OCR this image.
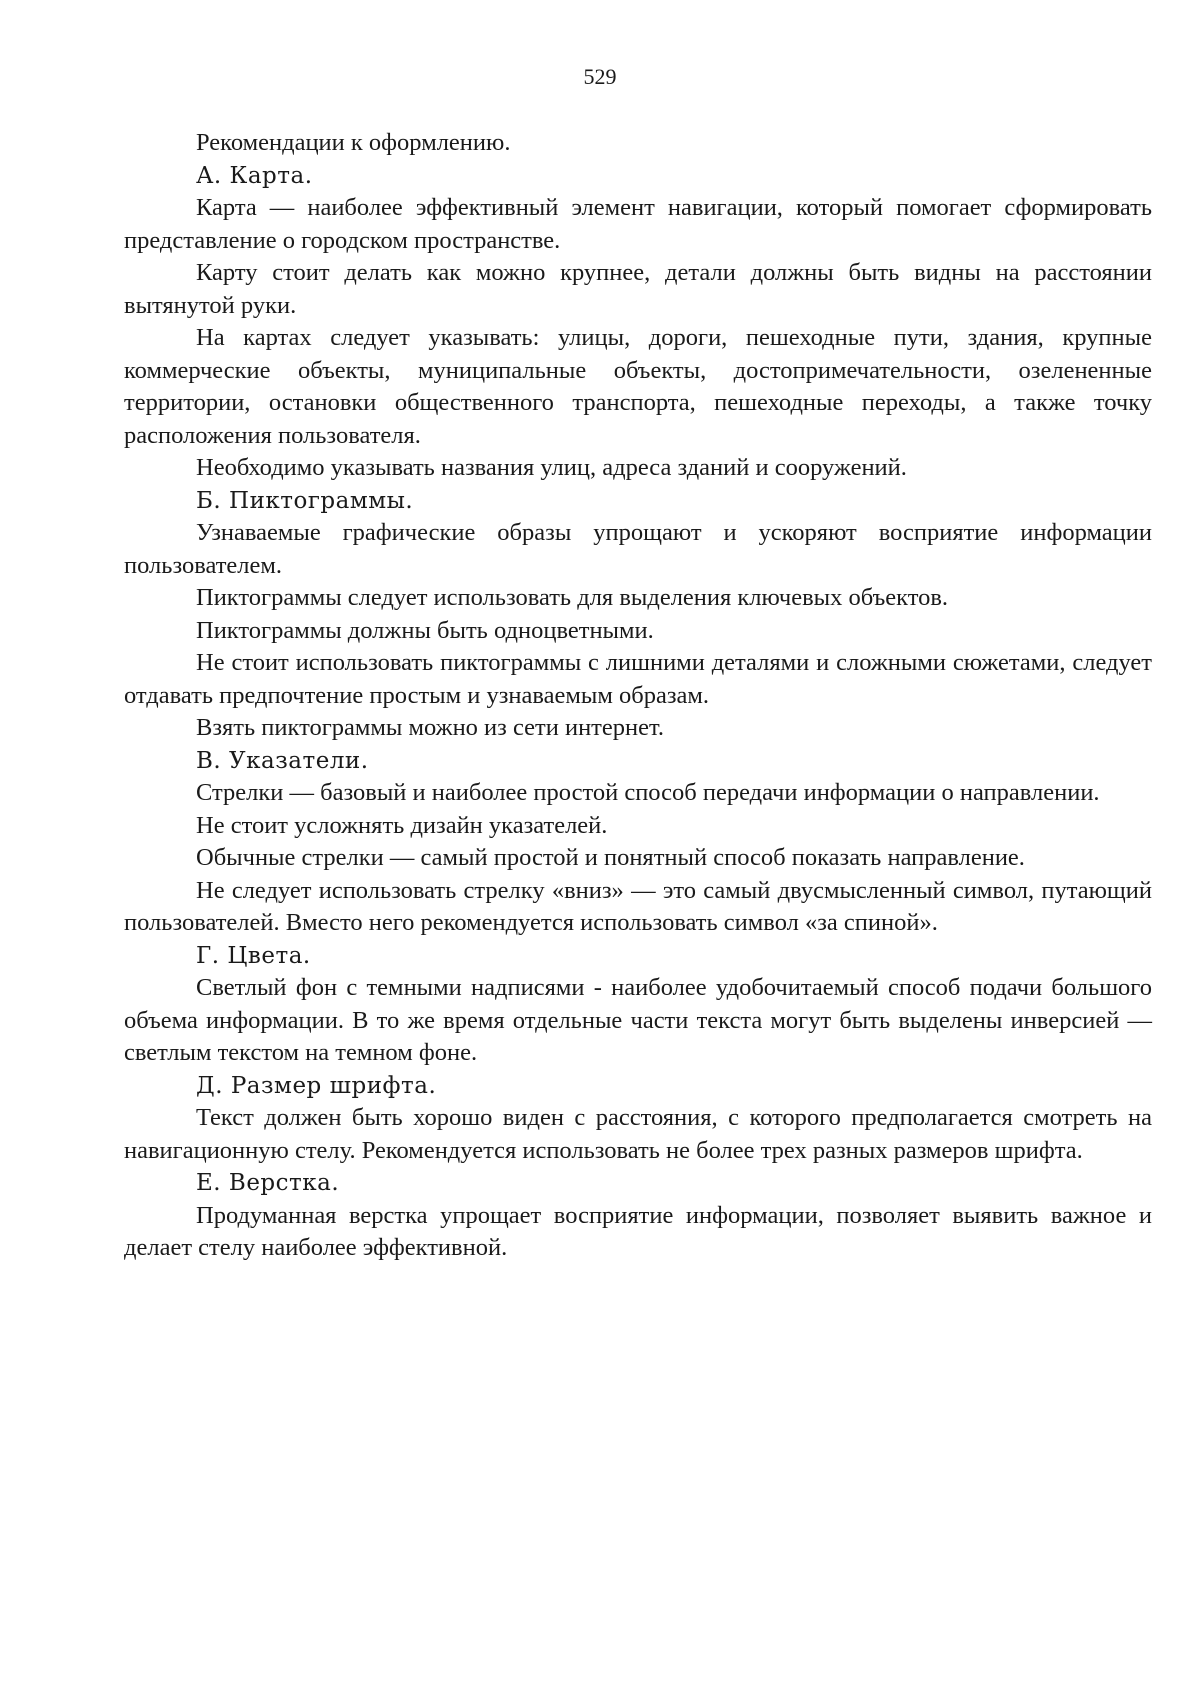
529

Рекомендации к оформлению.

А. Карта.

Карта — наиболее эффективный элемент навигации, который помогает сформировать представление о городском пространстве.

Карту стоит делать как можно крупнее, детали должны быть видны на расстоянии вытянутой руки.

На картах следует указывать: улицы, дороги, пешеходные пути, здания, крупные коммерческие объекты, муниципальные объекты, достопримечательности, озелененные территории, остановки общественного транспорта, пешеходные переходы, а также точку расположения пользователя.

Необходимо указывать названия улиц, адреса зданий и сооружений.

Б. Пиктограммы.

Узнаваемые графические образы упрощают и ускоряют восприятие информации пользователем.

Пиктограммы следует использовать для выделения ключевых объектов.

Пиктограммы должны быть одноцветными.

Не стоит использовать пиктограммы с лишними деталями и сложными сюжетами, следует отдавать предпочтение простым и узнаваемым образам.

Взять пиктограммы можно из сети интернет.

В. Указатели.

Стрелки — базовый и наиболее простой способ передачи информации о направлении.

Не стоит усложнять дизайн указателей.

Обычные стрелки — самый простой и понятный способ показать направление.

Не следует использовать стрелку «вниз» — это самый двусмысленный символ, путающий пользователей. Вместо него рекомендуется использовать символ «за спиной».

Г. Цвета.

Светлый фон с темными надписями - наиболее удобочитаемый способ подачи большого объема информации. В то же время отдельные части текста могут быть выделены инверсией — светлым текстом на темном фоне.

Д. Размер шрифта.

Текст должен быть хорошо виден с расстояния, с которого предполагается смотреть на навигационную стелу. Рекомендуется использовать не более трех разных размеров шрифта.

Е. Верстка.

Продуманная верстка упрощает восприятие информации, позволяет выявить важное и делает стелу наиболее эффективной.
